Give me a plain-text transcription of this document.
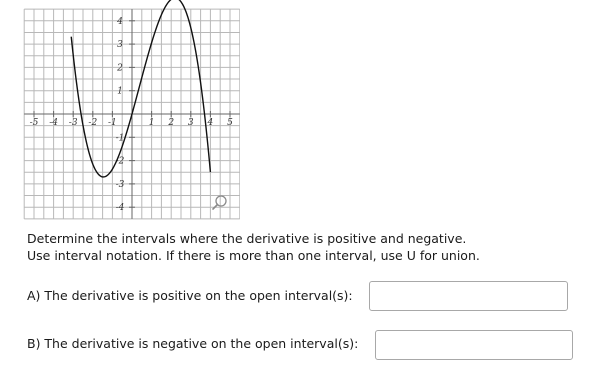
-5 -4 -3 -2 -1	1 2 3 4 5
-4
-3
-2
-1
1
2
3
4
Determine the intervals where the derivative is positive and negative.
Use interval notation. If there is more than one interval, use U for union.
A) The derivative is positive on the open interval(s):
B) The derivative is negative on the open interval(s):
